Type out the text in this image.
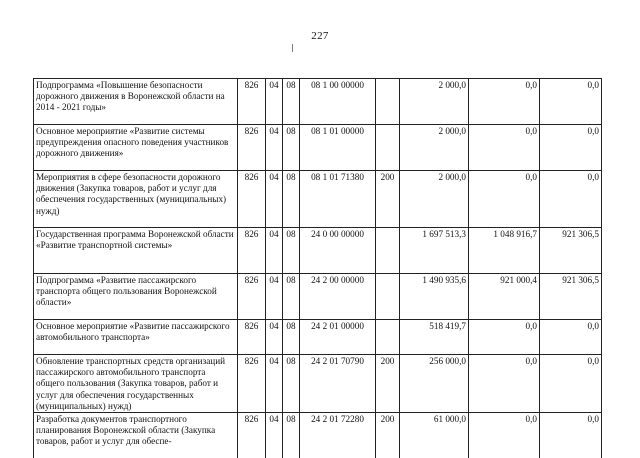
227
Подпрограмма «Повышение безопасности дорожного движения в Воронежской области на 2014 - 2021 годы»	826	04	08	08 1 00 00000		2 000,0	0,0	0,0
Основное мероприятие «Развитие системы предупреждения опасного поведения участников дорожного движения»	826	04	08	08 1 01 00000		2 000,0	0,0	0,0
Мероприятия в сфере безопасности дорожного движения (Закупка товаров, работ и услуг для обеспечения государственных (муниципальных) нужд)	826	04	08	08 1 01 71380	200	2 000,0	0,0	0,0
Государственная программа Воронежской области «Развитие транспортной системы»	826	04	08	24 0 00 00000		1 697 513,3	1 048 916,7	921 306,5
Подпрограмма «Развитие пассажирского транспорта общего пользования Воронежской области»	826	04	08	24 2 00 00000		1 490 935,6	921 000,4	921 306,5
Основное мероприятие «Развитие пассажирского автомобильного транспорта»	826	04	08	24 2 01 00000		518 419,7	0,0	0,0
Обновление транспортных средств организаций пассажирского автомобильного транспорта общего пользования (Закупка товаров, работ и услуг для обеспечения государственных (муниципальных) нужд)	826	04	08	24 2 01 70790	200	256 000,0	0,0	0,0
Разработка документов транспортного планирования Воронежской области (Закупка товаров, работ и услуг для обеспе-	826	04	08	24 2 01 72280	200	61 000,0	0,0	0,0
